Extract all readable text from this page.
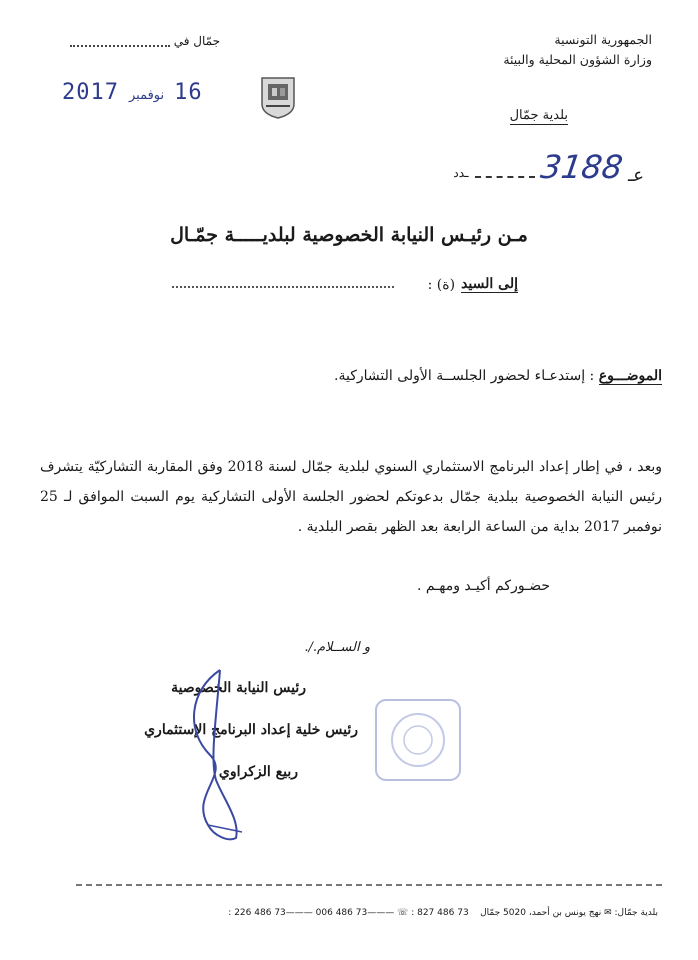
الجمهورية التونسية
وزارة الشؤون المحلية والبيئة
بلدية جمّال
جمّال في
2017 نوفمبر 16
ـدد 3188 عـ
مـن رئيـس النيابة الخصوصية لبلديـــــة جمّـال
إلى السيد
(ة) :
الموضـــوع : إستدعـاء لحضور الجلســة الأولى التشاركية.
وبعد ، في إطار إعداد البرنامج الاستثماري السنوي لبلدية جمّال لسنة 2018 وفق المقاربة التشاركيّة يتشرف رئيس النيابة الخصوصية ببلدية جمّال بدعوتكم لحضور الجلسة الأولى التشاركية يوم السبت الموافق لـ 25 نوفمبر 2017 بداية من الساعة الرابعة بعد الظهر بقصر البلدية .
حضـوركم أكيـد ومهـم .
و الســلام./.
رئيس النيابة الخصوصية
رئيس خلية إعداد البرنامج الإستثماري
ربيع الزكراوي
بلدية جمّال: ✉ نهج يونس بن أحمد، 5020 جمّال    73 486 827 : ☏ ———73 486 006 ———73 486 226 :
